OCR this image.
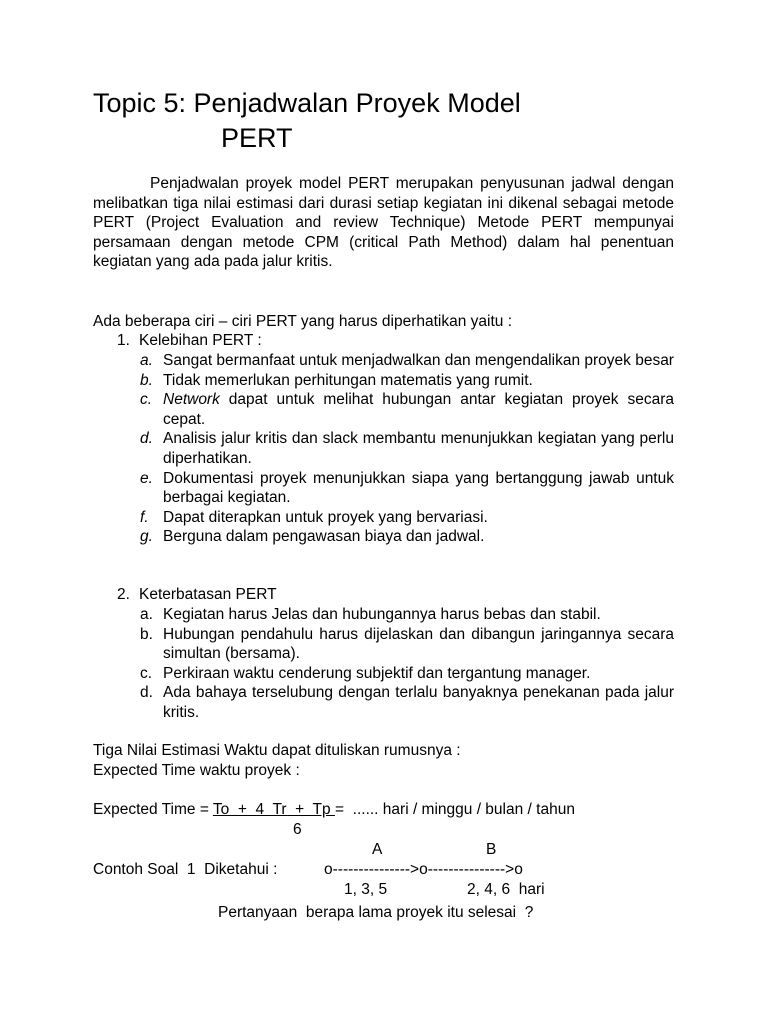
Topic 5: Penjadwalan Proyek Model
PERT

Penjadwalan proyek model PERT merupakan penyusunan jadwal dengan melibatkan tiga nilai estimasi dari durasi setiap kegiatan ini dikenal sebagai metode PERT (Project Evaluation and review Technique) Metode PERT mempunyai persamaan dengan metode CPM (critical Path Method) dalam hal penentuan kegiatan yang ada pada jalur kritis.

Ada beberapa ciri – ciri PERT yang harus diperhatikan yaitu :

1. Kelebihan PERT :
a. Sangat bermanfaat untuk menjadwalkan dan mengendalikan proyek besar
b. Tidak memerlukan perhitungan matematis yang rumit.
c. Network dapat untuk melihat hubungan antar kegiatan proyek secara cepat.
d. Analisis jalur kritis dan slack membantu menunjukkan kegiatan yang perlu diperhatikan.
e. Dokumentasi proyek menunjukkan siapa yang bertanggung jawab untuk berbagai kegiatan.
f. Dapat diterapkan untuk proyek yang bervariasi.
g. Berguna dalam pengawasan biaya dan jadwal.
2. Keterbatasan PERT
a. Kegiatan harus Jelas dan hubungannya harus bebas dan stabil.
b. Hubungan pendahulu harus dijelaskan dan dibangun jaringannya secara simultan (bersama).
c. Perkiraan waktu cenderung subjektif dan tergantung manager.
d. Ada bahaya terselubung dengan terlalu banyaknya penekanan pada jalur kritis.
Tiga Nilai Estimasi Waktu dapat dituliskan rumusnya :
Expected Time waktu proyek :
Expected Time = To  +  4  Tr  +  Tp =  ...... hari / minggu / bulan / tahun
6
A	B
Contoh Soal  1  Diketahui :	o--------------->o--------------->o
1, 3, 5	2, 4, 6  hari
Pertanyaan  berapa lama proyek itu selesai  ?
